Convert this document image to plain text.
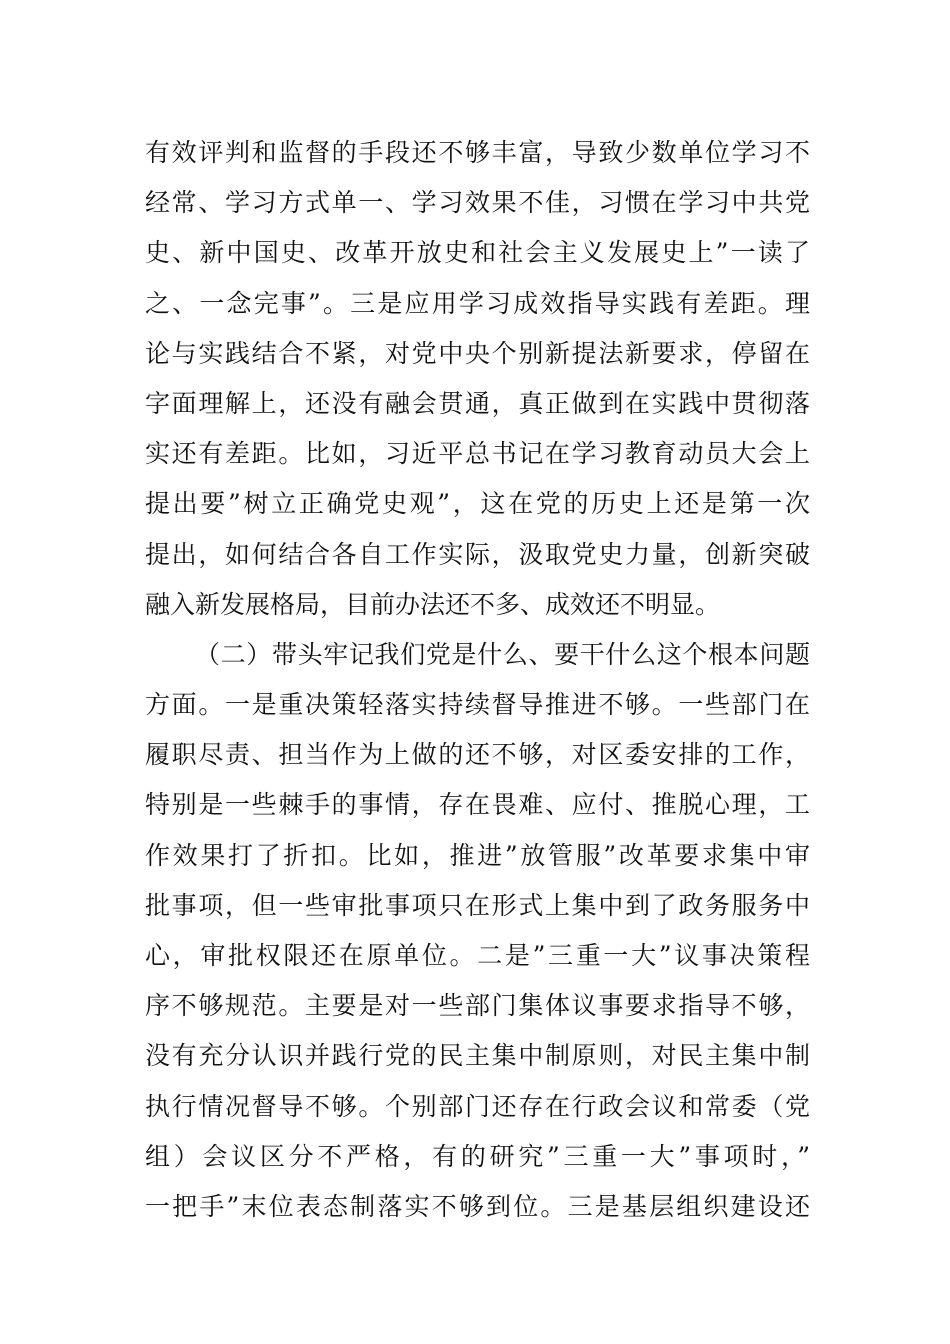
有效评判和监督的手段还不够丰富，导致少数单位学习不
经常、学习方式单一、学习效果不佳，习惯在学习中共党
史、新中国史、改革开放史和社会主义发展史上”一读了
之、一念完事”。三是应用学习成效指导实践有差距。理
论与实践结合不紧，对党中央个别新提法新要求，停留在
字面理解上，还没有融会贯通，真正做到在实践中贯彻落
实还有差距。比如，习近平总书记在学习教育动员大会上
提出要”树立正确党史观”，这在党的历史上还是第一次
提出，如何结合各自工作实际，汲取党史力量，创新突破
融入新发展格局，目前办法还不多、成效还不明显。
（二）带头牢记我们党是什么、要干什么这个根本问题
方面。一是重决策轻落实持续督导推进不够。一些部门在
履职尽责、担当作为上做的还不够，对区委安排的工作，
特别是一些棘手的事情，存在畏难、应付、推脱心理，工
作效果打了折扣。比如，推进”放管服”改革要求集中审
批事项，但一些审批事项只在形式上集中到了政务服务中
心，审批权限还在原单位。二是”三重一大”议事决策程
序不够规范。主要是对一些部门集体议事要求指导不够，
没有充分认识并践行党的民主集中制原则，对民主集中制
执行情况督导不够。个别部门还存在行政会议和常委（党
组）会议区分不严格，有的研究”三重一大”事项时，”
一把手”末位表态制落实不够到位。三是基层组织建设还
